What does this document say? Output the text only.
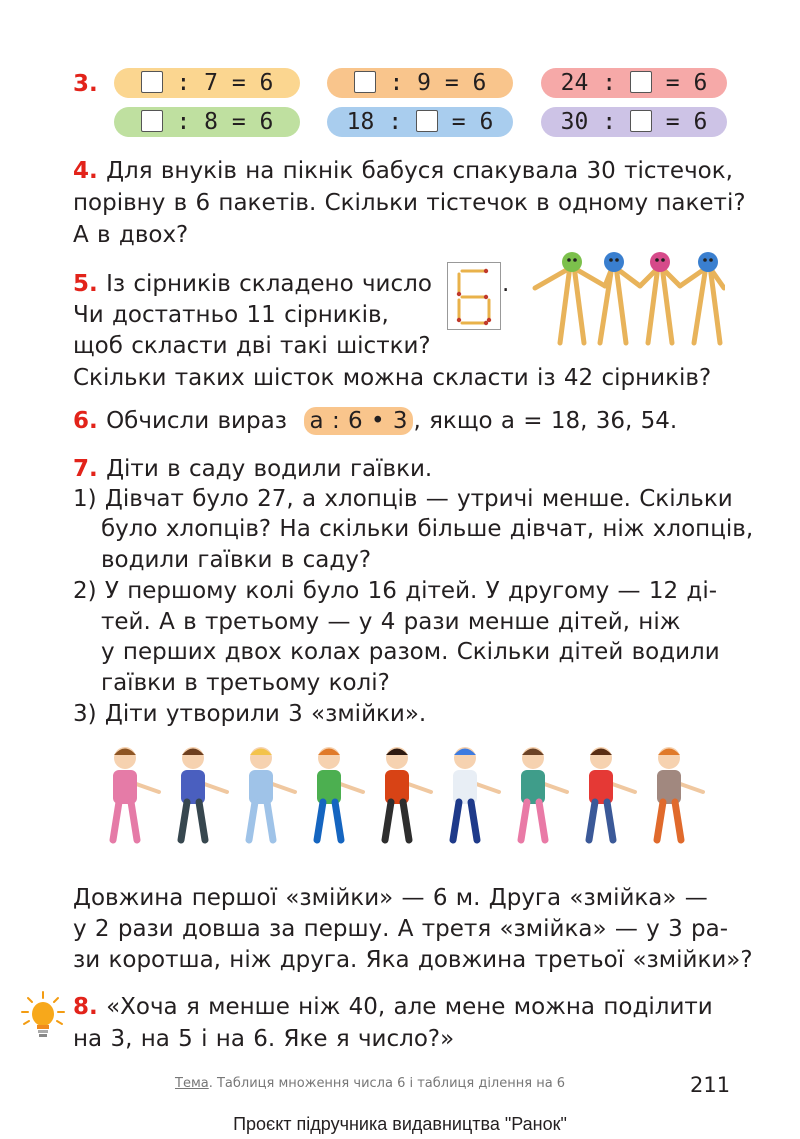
3.	: 7 = 6	: 9 = 6	24 : = 6
: 8 = 6	18 : = 6	30 : = 6
4. Для внуків на пікнік бабуся спакувала 30 тістечок,
порівну в 6 пакетів. Скільки тістечок в одному пакеті?
А в двох?
5. Із сірників складено число
Чи достатньо 11 сірників,
щоб скласти дві такі шістки?
Скільки таких шісток можна скласти із 42 сірників?
.
6. Обчисли вираз а : 6 • 3 , якщо а = 18, 36, 54.
7. Діти в саду водили гаївки.
1) Дівчат було 27, а хлопців — утричі менше. Скільки
було хлопців? На скільки більше дівчат, ніж хлопців,
водили гаївки в саду?
2) У першому колі було 16 дітей. У другому — 12 ді-
тей. А в третьому — у 4 рази менше дітей, ніж
у перших двох колах разом. Скільки дітей водили
гаївки в третьому колі?
3) Діти утворили 3 «змійки».
Довжина першої «змійки» — 6 м. Друга «змійка» —
у 2 рази довша за першу. А третя «змійка» — у 3 ра-
зи коротша, ніж друга. Яка довжина третьої «змійки»?
8. «Хоча я менше ніж 40, але мене можна поділити
на 3, на 5 і на 6. Яке я число?»
Тема. Таблиця множення числа 6 і таблиця ділення на 6	211
Проєкт підручника видавництва "Ранок"
